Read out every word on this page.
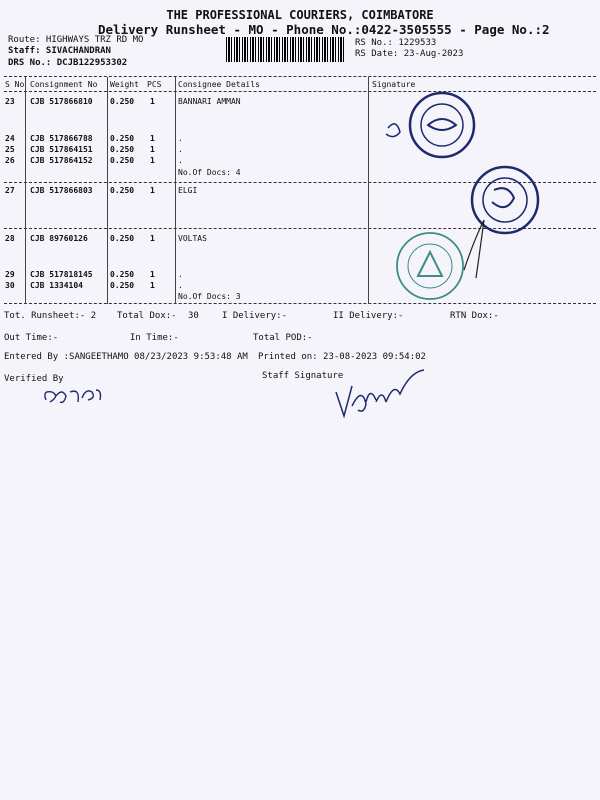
THE PROFESSIONAL COURIERS, COIMBATORE
Delivery Runsheet - MO - Phone No.:0422-3505555 - Page No.:2
Route: HIGHWAYS TRZ RD MO
Staff: SIVACHANDRAN
DRS No.: DCJB122953302
RS No.: 1229533
RS Date: 23-Aug-2023
S No Consignment No Weight PCS Consignee Details	Signature
23 CJB 517866810 0.250 1	BANNARI AMMAN
24 CJB 517866788 0.250 1	.
25 CJB 517864151 0.250 1	.
26 CJB 517864152 0.250 1	.
No.Of Docs: 4
27 CJB 517866803 0.250 1	ELGI
28 CJB 89760126	0.250 1	VOLTAS
29 CJB 517818145 0.250 1	.
30 CJB 1334104	0.250 1	.
No.Of Docs: 3
Tot. Runsheet:- 2 Total Dox:- 30	I Delivery:-	II Delivery:-	RTN Dox:-
Out Time:-	In Time:-	Total POD:-
Entered By :SANGEETHAMO 08/23/2023 9:53:48 AM Printed on: 23-08-2023 09:54:02
Verified By	Staff Signature
